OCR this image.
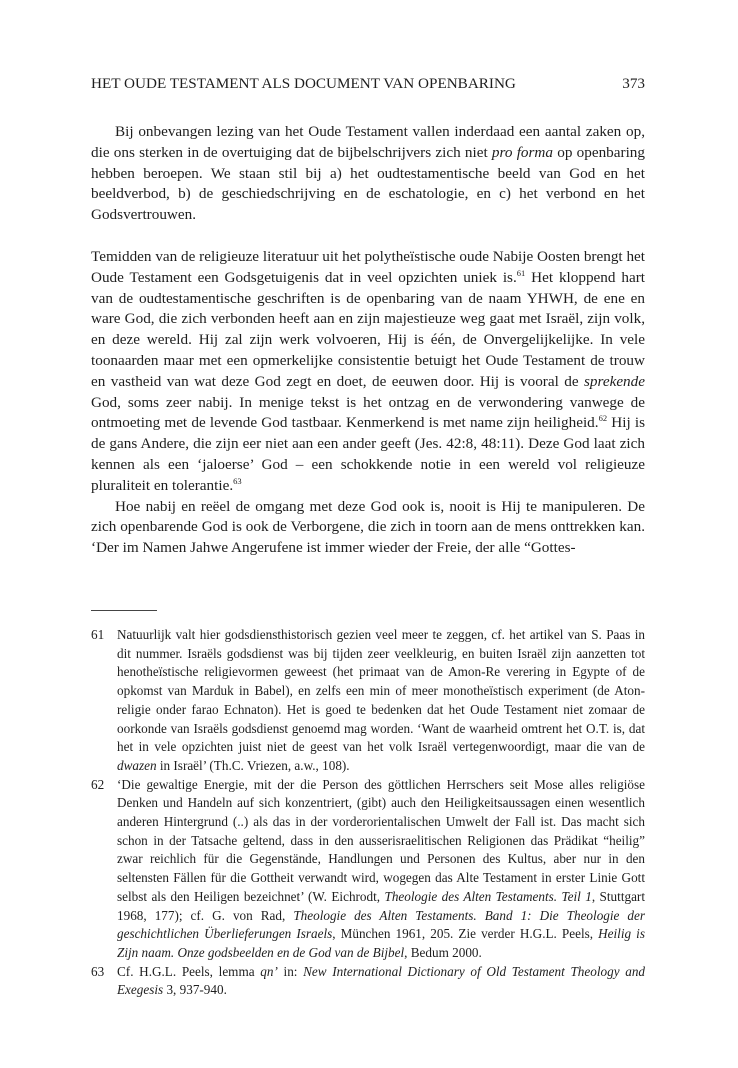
HET OUDE TESTAMENT ALS DOCUMENT VAN OPENBARING	373

Bij onbevangen lezing van het Oude Testament vallen inderdaad een aantal zaken op, die ons sterken in de overtuiging dat de bijbelschrijvers zich niet pro forma op openbaring hebben beroepen. We staan stil bij a) het oudtestamentische beeld van God en het beeldverbod, b) de geschiedschrijving en de eschatologie, en c) het verbond en het Godsvertrouwen.

Temidden van de religieuze literatuur uit het polytheïstische oude Nabije Oosten brengt het Oude Testament een Godsgetuigenis dat in veel opzichten uniek is.$^{61}$ Het kloppend hart van de oudtestamentische geschriften is de openbaring van de naam YHWH, de ene en ware God, die zich verbonden heeft aan en zijn majestieuze weg gaat met Israël, zijn volk, en deze wereld. Hij zal zijn werk volvoeren, Hij is één, de Onvergelijkelijke. In vele toonaarden maar met een opmerkelijke consistentie betuigt het Oude Testament de trouw en vastheid van wat deze God zegt en doet, de eeuwen door. Hij is vooral de sprekende God, soms zeer nabij. In menige tekst is het ontzag en de verwondering vanwege de ontmoeting met de levende God tastbaar. Kenmerkend is met name zijn heiligheid.$^{62}$ Hij is de gans Andere, die zijn eer niet aan een ander geeft (Jes. 42:8, 48:11). Deze God laat zich kennen als een ‘jaloerse’ God – een schokkende notie in een wereld vol religieuze pluraliteit en tolerantie.$^{63}$

Hoe nabij en reëel de omgang met deze God ook is, nooit is Hij te manipuleren. De zich openbarende God is ook de Verborgene, die zich in toorn aan de mens onttrekken kan. ‘Der im Namen Jahwe Angerufene ist immer wieder der Freie, der alle “Gottes-

61 Natuurlijk valt hier godsdiensthistorisch gezien veel meer te zeggen, cf. het artikel van S. Paas in dit nummer. Israëls godsdienst was bij tijden zeer veelkleurig, en buiten Israël zijn aanzetten tot henotheïstische religievormen geweest (het primaat van de Amon-Re verering in Egypte of de opkomst van Marduk in Babel), en zelfs een min of meer monotheïstisch experiment (de Aton-religie onder farao Echnaton). Het is goed te bedenken dat het Oude Testament niet zomaar de oorkonde van Israëls godsdienst genoemd mag worden. ‘Want de waarheid omtrent het O.T. is, dat het in vele opzichten juist niet de geest van het volk Israël vertegenwoordigt, maar die van de dwazen in Israël’ (Th.C. Vriezen, a.w., 108).

62 ‘Die gewaltige Energie, mit der die Person des göttlichen Herrschers seit Mose alles religiöse Denken und Handeln auf sich konzentriert, (gibt) auch den Heiligkeitsaussagen einen wesentlich anderen Hintergrund (..) als das in der vorderorientalischen Umwelt der Fall ist. Das macht sich schon in der Tatsache geltend, dass in den ausserisraelitischen Religionen das Prädikat “heilig” zwar reichlich für die Gegenstände, Handlungen und Personen des Kultus, aber nur in den seltensten Fällen für die Gottheit verwandt wird, wogegen das Alte Testament in erster Linie Gott selbst als den Heiligen bezeichnet’ (W. Eichrodt, Theologie des Alten Testaments. Teil 1, Stuttgart 1968, 177); cf. G. von Rad, Theologie des Alten Testaments. Band 1: Die Theologie der geschichtlichen Überlieferungen Israels, München 1961, 205. Zie verder H.G.L. Peels, Heilig is Zijn naam. Onze godsbeelden en de God van de Bijbel, Bedum 2000.

63 Cf. H.G.L. Peels, lemma qn’ in: New International Dictionary of Old Testament Theology and Exegesis 3, 937-940.
